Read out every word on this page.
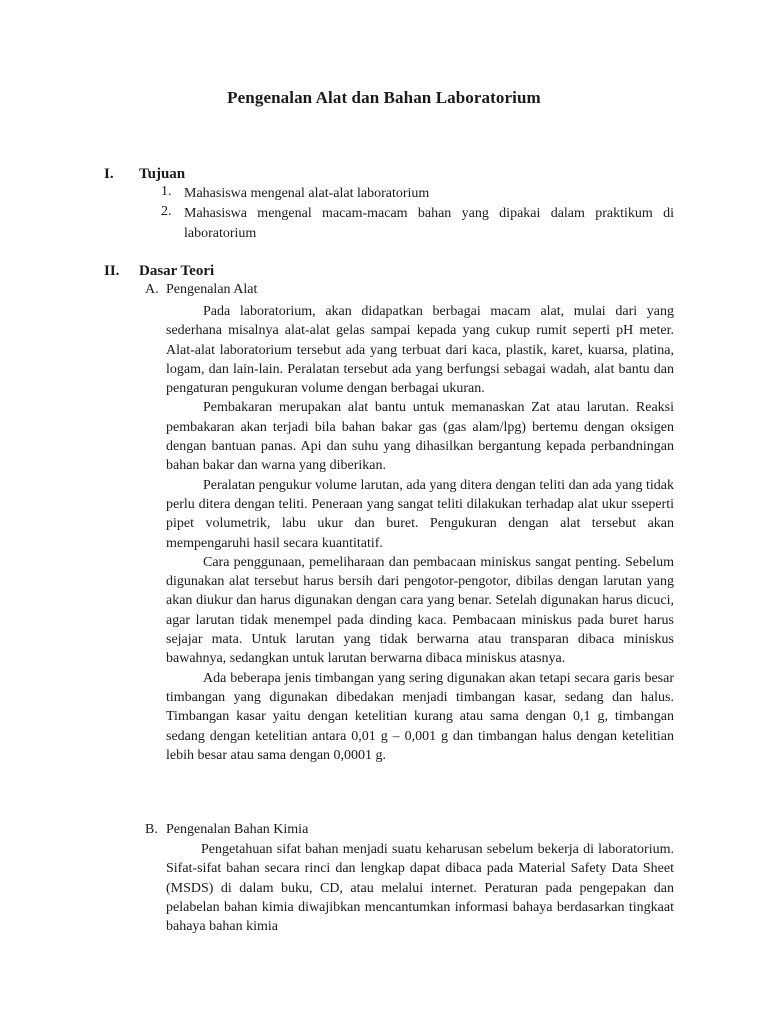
Pengenalan Alat dan Bahan Laboratorium
I. Tujuan
1. Mahasiswa mengenal alat-alat laboratorium
2. Mahasiswa mengenal macam-macam bahan yang dipakai dalam praktikum di laboratorium
II. Dasar Teori
A. Pengenalan Alat

Pada laboratorium, akan didapatkan berbagai macam alat, mulai dari yang sederhana misalnya alat-alat gelas sampai kepada yang cukup rumit seperti pH meter. Alat-alat laboratorium tersebut ada yang terbuat dari kaca, plastik, karet, kuarsa, platina, logam, dan lain-lain. Peralatan tersebut ada yang berfungsi sebagai wadah, alat bantu dan pengaturan pengukuran volume dengan berbagai ukuran.

Pembakaran merupakan alat bantu untuk memanaskan Zat atau larutan. Reaksi pembakaran akan terjadi bila bahan bakar gas (gas alam/lpg) bertemu dengan oksigen dengan bantuan panas. Api dan suhu yang dihasilkan bergantung kepada perbandningan bahan bakar dan warna yang diberikan.

Peralatan pengukur volume larutan, ada yang ditera dengan teliti dan ada yang tidak perlu ditera dengan teliti. Peneraan yang sangat teliti dilakukan terhadap alat ukur sseperti pipet volumetrik, labu ukur dan buret. Pengukuran dengan alat tersebut akan mempengaruhi hasil secara kuantitatif.

Cara penggunaan, pemeliharaan dan pembacaan miniskus sangat penting. Sebelum digunakan alat tersebut harus bersih dari pengotor-pengotor, dibilas dengan larutan yang akan diukur dan harus digunakan dengan cara yang benar. Setelah digunakan harus dicuci, agar larutan tidak menempel pada dinding kaca. Pembacaan miniskus pada buret harus sejajar mata. Untuk larutan yang tidak berwarna atau transparan dibaca miniskus bawahnya, sedangkan untuk larutan berwarna dibaca miniskus atasnya.

Ada beberapa jenis timbangan yang sering digunakan akan tetapi secara garis besar timbangan yang digunakan dibedakan menjadi timbangan kasar, sedang dan halus. Timbangan kasar yaitu dengan ketelitian kurang atau sama dengan 0,1 g, timbangan sedang dengan ketelitian antara 0,01 g – 0,001 g dan timbangan halus dengan ketelitian lebih besar atau sama dengan 0,0001 g.

B. Pengenalan Bahan Kimia

Pengetahuan sifat bahan menjadi suatu keharusan sebelum bekerja di laboratorium. Sifat-sifat bahan secara rinci dan lengkap dapat dibaca pada Material Safety Data Sheet (MSDS) di dalam buku, CD, atau melalui internet. Peraturan pada pengepakan dan pelabelan bahan kimia diwajibkan mencantumkan informasi bahaya berdasarkan tingkaat bahaya bahan kimia
